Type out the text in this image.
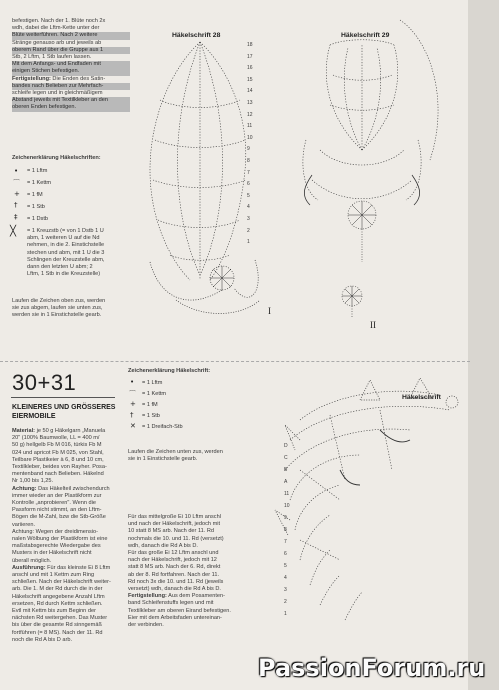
befestigen. Nach der 1. Blüte noch 2x
wdh, dabei die Lftm-Kette unter der
Blüte weiterführen. Nach 2 weitere
Stränge genauso arb und jeweils ab
oberem Rand über die Gruppe aus 1
Stb, 2 Lftm, 1 Stb laufen lassen.
Mit dem Anfangs- und Endfaden mit
einigen Stichen befestigen.
Fertigstellung: Die Enden des Satin-
bandes nach Belieben zur Mehrfach-
schleife legen und in gleichmäßigem
Abstand jeweils mit Textilkleber an den
oberen Enden befestigen.
Zeichenerklärung Häkelschriften:
• = 1 Lftm
⌒ = 1 Kettm
+ = 1 fM
† = 1 Stb
‡ = 1 Dstb
╳ = 1 Kreuzstb (= von 1 Dstb 1 U
abm, 1 weiteren U auf die Nd
nehmen, in die 2. Einstichstelle
stechen und abm, mit 1 U die 3
Schlingen der Kreuzstelle abm,
dann den letzten U abm; 2
Lftm, 1 Stb in die Kreuzstelle)
Laufen die Zeichen oben zus, werden
sie zus abgem, laufen sie unten zus,
werden sie in 1 Einstichstelle gearb.
Häkelschrift 28	Häkelschrift 29
18
17
16
15
14
13
12
11
10
9
8
7
6
5
4
3
2
1
I
II
30+31
KLEINERES UND GRÖSSERES
EIERMOBILE
Material: je 50 g Häkelgarn „Manuela
20" (100% Baumwolle, LL = 400 m/
50 g) hellgelb Fb M 016, türkis Fb M
024 und apricot Fb M 025, von Stahl,
Teilbare Plastikeier à 6, 8 und 10 cm,
Textilkleber, beides von Rayher. Posa-
mentenband nach Belieben. Häkelnd
Nr 1,00 bis 1,25.
Achtung: Das Häkelteil zwischendurch
immer wieder an der Plastikform zur
Kontrolle „anprobieren". Wenn die
Passform nicht stimmt, an den Lftm-
Bögen die M-Zahl, bzw die Stb-Größe
variieren.
Achtung: Wegen der dreidimensio-
nalen Wölbung der Plastikform ist eine
maßstabsgerechte Wiedergabe des
Musters in der Häkelschrift nicht
überall möglich.
Ausführung: Für das kleinste Ei 8 Lftm
anschl und mit 1 Kettm zum Ring
schließen. Nach der Häkelschrift weiter-
arb. Die 1. M der Rd durch die in der
Häkelschrift angegebene Anzahl Lftm
ersetzen, Rd durch Kettm schließen.
Evtl mit Kettm bis zum Beginn der
nächsten Rd weitergehen. Das Muster
bis über die gesamte Rd sinngemäß
fortführen (= 8 MS). Nach der 11. Rd
noch die Rd A bis D arb.
Zeichenerklärung Häkelschrift:
• = 1 Lftm
⌒ = 1 Kettm
+ = 1 fM
† = 1 Stb
✕ = 1 Dreifach-Stb
Laufen die Zeichen unten zus, werden
sie in 1 Einstichstelle gearb.
Für das mittelgroße Ei 10 Lftm anschl
und nach der Häkelschrift, jedoch mit
10 statt 8 MS arb. Nach der 11. Rd
nochmals die 10. und 11. Rd (versetzt)
wdh, danach die Rd A bis D.
Für das große Ei 12 Lftm anschl und
nach der Häkelschrift, jedoch mit 12
statt 8 MS arb. Nach der 6. Rd, direkt
ab der 8. Rd fortfahren. Nach der 11.
Rd noch 3x die 10. und 11. Rd (jeweils
versetzt) wdh, danach die Rd A bis D.
Fertigstellung: Aus dem Posamenten-
band Schleifenstuffs legen und mit
Textilkleber am oberen Eirand befestigen.
Eier mit dem Arbeitsfaden untereinan-
der verbinden.
Häkelschrift
D
C
B
A
11
10
9
8
7
6
5
4
3
2
1
PassionForum.ru
